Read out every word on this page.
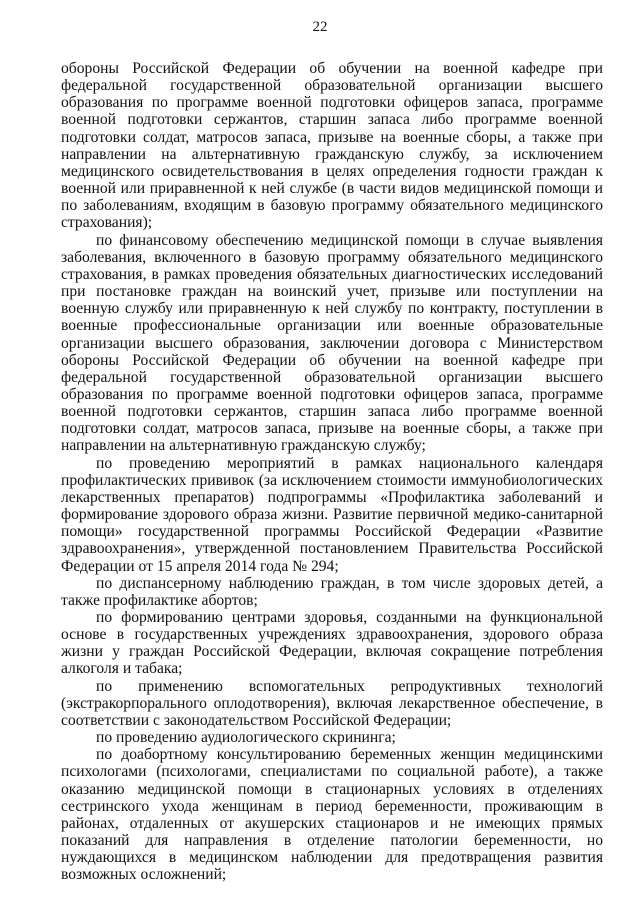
22

обороны Российской Федерации об обучении на военной кафедре при федеральной государственной образовательной организации высшего образования по программе военной подготовки офицеров запаса, программе военной подготовки сержантов, старшин запаса либо программе военной подготовки солдат, матросов запаса, призыве на военные сборы, а также при направлении на альтернативную гражданскую службу, за исключением медицинского освидетельствования в целях определения годности граждан к военной или приравненной к ней службе (в части видов медицинской помощи и по заболеваниям, входящим в базовую программу обязательного медицинского страхования);

по финансовому обеспечению медицинской помощи в случае выявления заболевания, включенного в базовую программу обязательного медицинского страхования, в рамках проведения обязательных диагностических исследований при постановке граждан на воинский учет, призыве или поступлении на военную службу или приравненную к ней службу по контракту, поступлении в военные профессиональные организации или военные образовательные организации высшего образования, заключении договора с Министерством обороны Российской Федерации об обучении на военной кафедре при федеральной государственной образовательной организации высшего образования по программе военной подготовки офицеров запаса, программе военной подготовки сержантов, старшин запаса либо программе военной подготовки солдат, матросов запаса, призыве на военные сборы, а также при направлении на альтернативную гражданскую службу;

по проведению мероприятий в рамках национального календаря профилактических прививок (за исключением стоимости иммунобиологических лекарственных препаратов) подпрограммы «Профилактика заболеваний и формирование здорового образа жизни. Развитие первичной медико-санитарной помощи» государственной программы Российской Федерации «Развитие здравоохранения», утвержденной постановлением Правительства Российской Федерации от 15 апреля 2014 года № 294;

по диспансерному наблюдению граждан, в том числе здоровых детей, а также профилактике абортов;

по формированию центрами здоровья, созданными на функциональной основе в государственных учреждениях здравоохранения, здорового образа жизни у граждан Российской Федерации, включая сокращение потребления алкоголя и табака;

по применению вспомогательных репродуктивных технологий (экстракорпорального оплодотворения), включая лекарственное обеспечение, в соответствии с законодательством Российской Федерации;

по проведению аудиологического скрининга;

по доабортному консультированию беременных женщин медицинскими психологами (психологами, специалистами по социальной работе), а также оказанию медицинской помощи в стационарных условиях в отделениях сестринского ухода женщинам в период беременности, проживающим в районах, отдаленных от акушерских стационаров и не имеющих прямых показаний для направления в отделение патологии беременности, но нуждающихся в медицинском наблюдении для предотвращения развития возможных осложнений;
